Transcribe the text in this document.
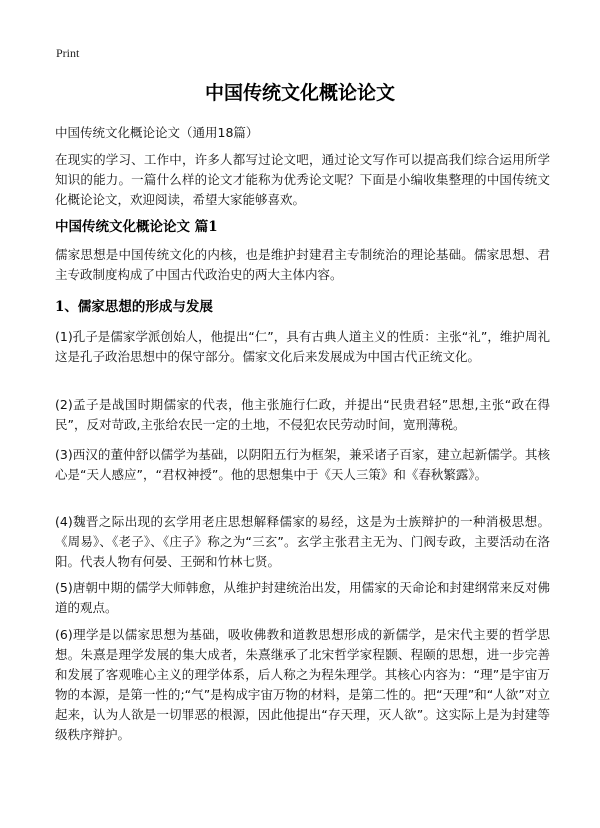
Print
中国传统文化概论论文

中国传统文化概论论文（通用18篇）

在现实的学习、工作中，许多人都写过论文吧，通过论文写作可以提高我们综合运用所学知识的能力。一篇什么样的论文才能称为优秀论文呢？下面是小编收集整理的中国传统文化概论论文，欢迎阅读，希望大家能够喜欢。

中国传统文化概论论文 篇1

儒家思想是中国传统文化的内核，也是维护封建君主专制统治的理论基础。儒家思想、君主专政制度构成了中国古代政治史的两大主体内容。

1、儒家思想的形成与发展

(1)孔子是儒家学派创始人，他提出“仁”，具有古典人道主义的性质：主张“礼”，维护周礼这是孔子政治思想中的保守部分。儒家文化后来发展成为中国古代正统文化。

(2)孟子是战国时期儒家的代表，他主张施行仁政，并提出“民贵君轻”思想,主张“政在得民”，反对苛政,主张给农民一定的土地，不侵犯农民劳动时间，宽刑薄税。

(3)西汉的董仲舒以儒学为基础，以阴阳五行为框架，兼采诸子百家，建立起新儒学。其核心是“天人感应”，“君权神授”。他的思想集中于《天人三策》和《春秋繁露》。

(4)魏晋之际出现的玄学用老庄思想解释儒家的易经，这是为士族辩护的一种消极思想。《周易》、《老子》、《庄子》称之为“三玄”。玄学主张君主无为、门阀专政，主要活动在洛阳。代表人物有何晏、王弼和竹林七贤。

(5)唐朝中期的儒学大师韩愈，从维护封建统治出发，用儒家的天命论和封建纲常来反对佛道的观点。

(6)理学是以儒家思想为基础，吸收佛教和道教思想形成的新儒学，是宋代主要的哲学思想。朱熹是理学发展的集大成者，朱熹继承了北宋哲学家程颢、程颐的思想，进一步完善和发展了客观唯心主义的理学体系，后人称之为程朱理学。其核心内容为：“理”是宇宙万物的本源，是第一性的;“气”是构成宇宙万物的材料，是第二性的。把“天理”和“人欲”对立起来，认为人欲是一切罪恶的根源，因此他提出“存天理，灭人欲”。这实际上是为封建等级秩序辩护。
